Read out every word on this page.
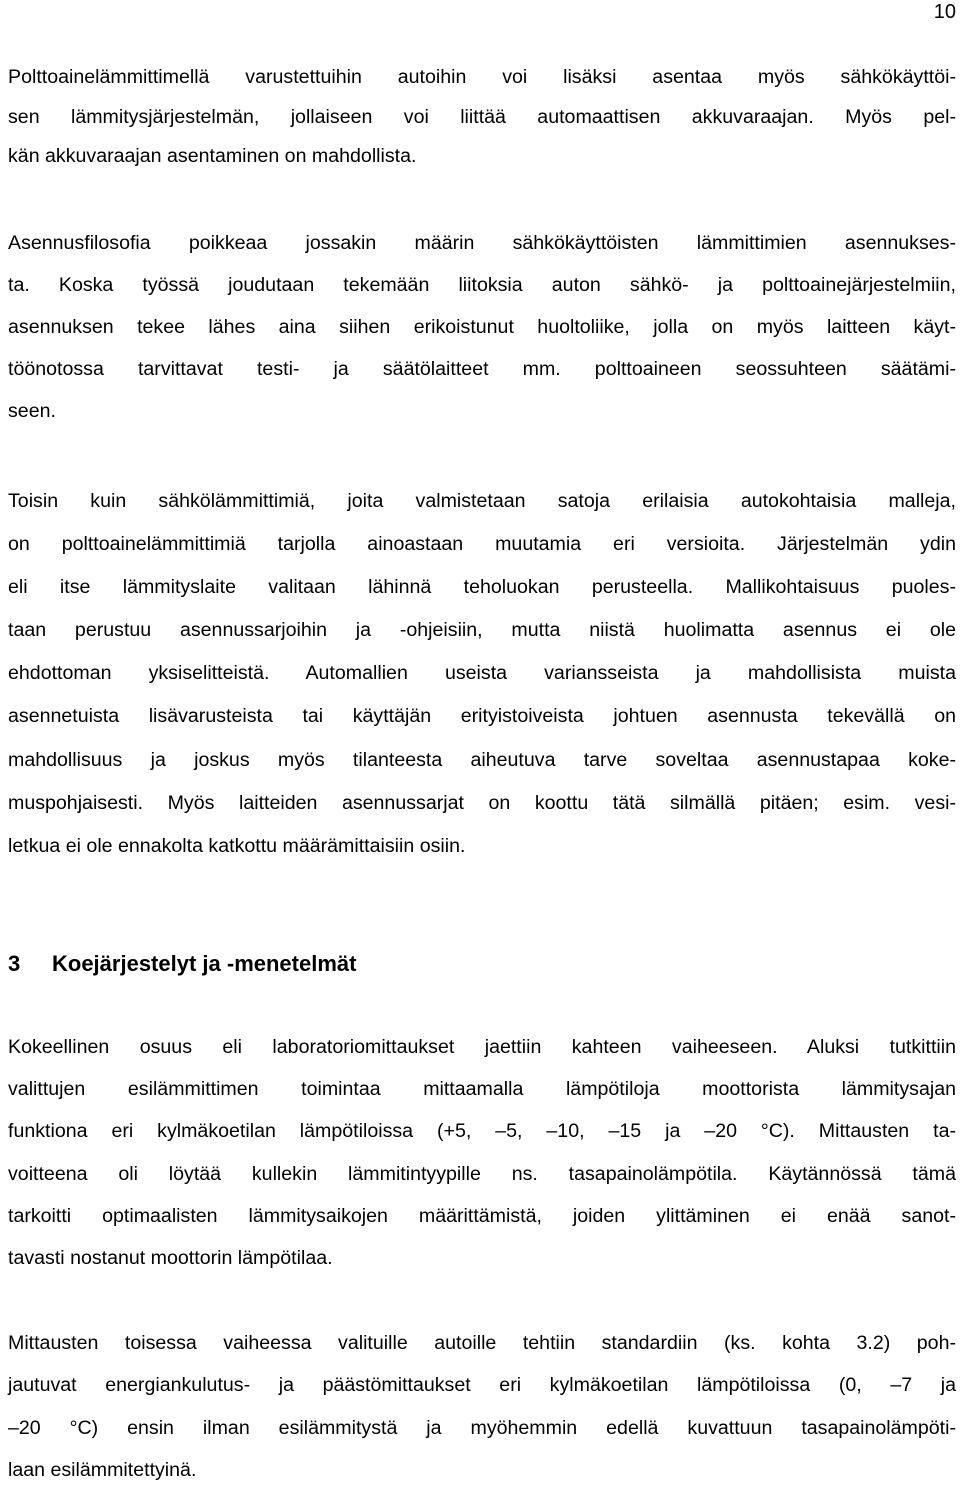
10

Polttoainelämmittimellä varustettuihin autoihin voi lisäksi asentaa myös sähkökäyttöi-
sen lämmitysjärjestelmän, jollaiseen voi liittää automaattisen akkuvaraajan. Myös pel-
kän akkuvaraajan asentaminen on mahdollista.

Asennusfilosofia poikkeaa jossakin määrin sähkökäyttöisten lämmittimien asennukses-
ta. Koska työssä joudutaan tekemään liitoksia auton sähkö- ja polttoainejärjestelmiin,
asennuksen tekee lähes aina siihen erikoistunut huoltoliike, jolla on myös laitteen käyt-
töönotossa tarvittavat testi- ja säätölaitteet mm. polttoaineen seossuhteen säätämi-
seen.

Toisin kuin sähkölämmittimiä, joita valmistetaan satoja erilaisia autokohtaisia malleja,
on polttoainelämmittimiä tarjolla ainoastaan muutamia eri versioita. Järjestelmän ydin
eli itse lämmityslaite valitaan lähinnä teholuokan perusteella. Mallikohtaisuus puoles-
taan perustuu asennussarjoihin ja -ohjeisiin, mutta niistä huolimatta asennus ei ole
ehdottoman yksiselitteistä. Automallien useista variansseista ja mahdollisista muista
asennetuista lisävarusteista tai käyttäjän erityistoiveista johtuen asennusta tekevällä on
mahdollisuus ja joskus myös tilanteesta aiheutuva tarve soveltaa asennustapaa koke-
muspohjaisesti. Myös laitteiden asennussarjat on koottu tätä silmällä pitäen; esim. vesi-
letkua ei ole ennakolta katkottu määrämittaisiin osiin.

3 Koejärjestelyt ja -menetelmät

Kokeellinen osuus eli laboratoriomittaukset jaettiin kahteen vaiheeseen. Aluksi tutkittiin
valittujen esilämmittimen toimintaa mittaamalla lämpötiloja moottorista lämmitysajan
funktiona eri kylmäkoetilan lämpötiloissa (+5, –5, –10, –15 ja –20 °C). Mittausten ta-
voitteena oli löytää kullekin lämmitintyypille ns. tasapainolämpötila. Käytännössä tämä
tarkoitti optimaalisten lämmitysaikojen määrittämistä, joiden ylittäminen ei enää sanot-
tavasti nostanut moottorin lämpötilaa.

Mittausten toisessa vaiheessa valituille autoille tehtiin standardiin (ks. kohta 3.2) poh-
jautuvat energiankulutus- ja päästömittaukset eri kylmäkoetilan lämpötiloissa (0, –7 ja
–20 °C) ensin ilman esilämmitystä ja myöhemmin edellä kuvattuun tasapainolämpöti-
laan esilämmitettyinä.
